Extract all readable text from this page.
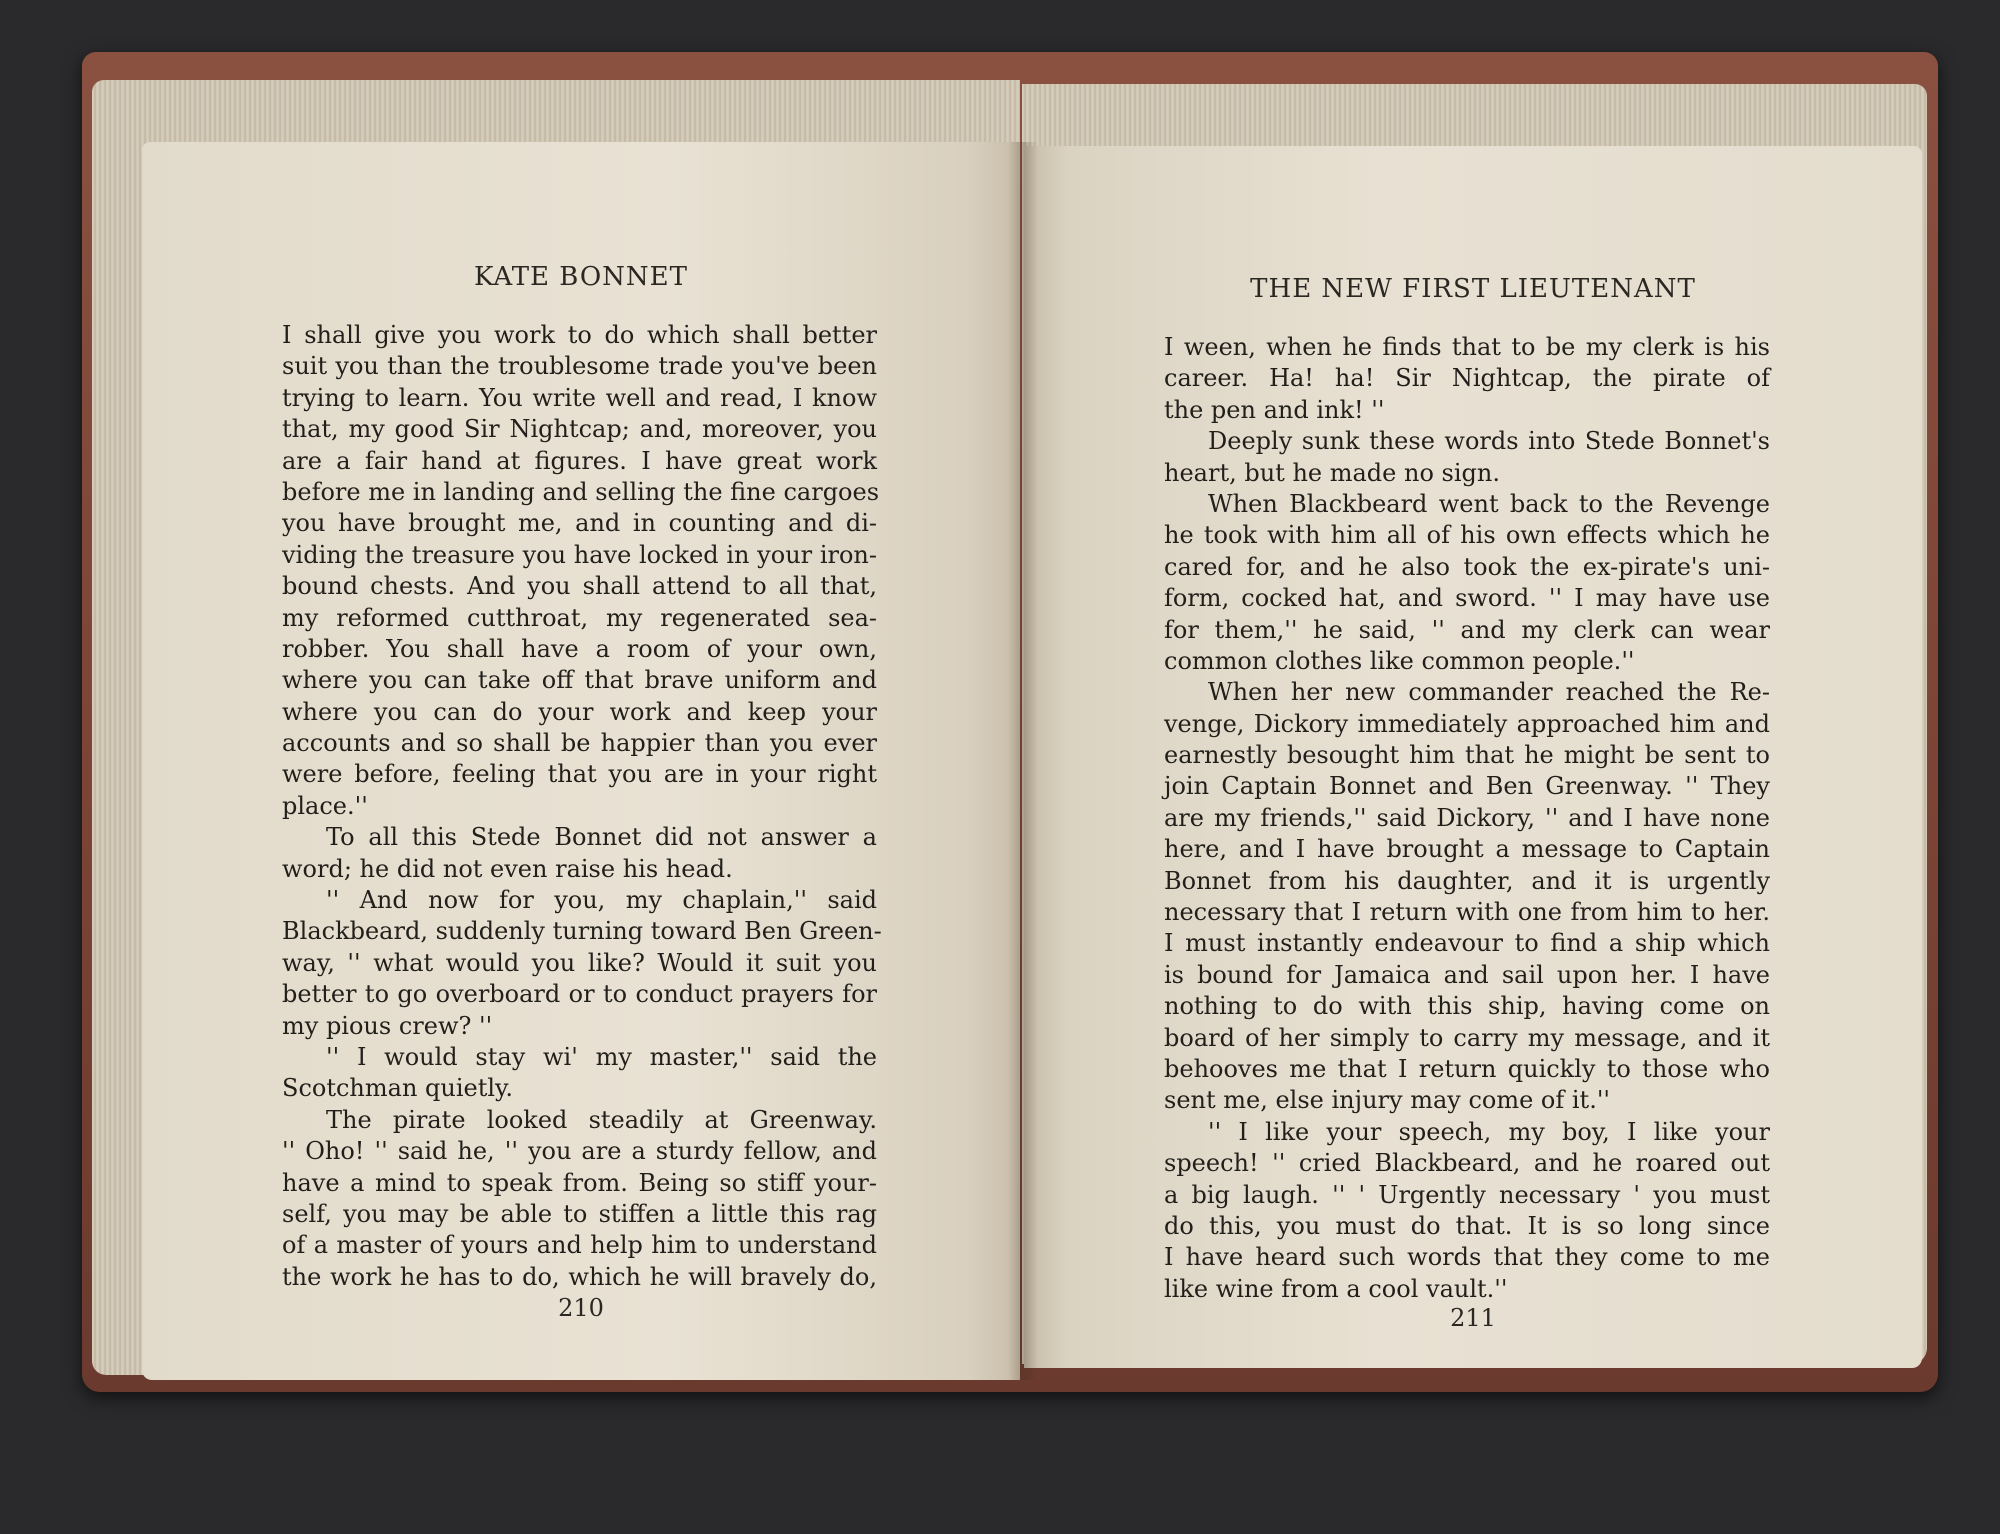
KATE BONNET
I shall give you work to do which shall better
suit you than the troublesome trade you've been
trying to learn. You write well and read, I know
that, my good Sir Nightcap; and, moreover, you
are a fair hand at figures. I have great work
before me in landing and selling the fine cargoes
you have brought me, and in counting and di-
viding the treasure you have locked in your iron-
bound chests. And you shall attend to all that,
my reformed cutthroat, my regenerated sea-
robber. You shall have a room of your own,
where you can take off that brave uniform and
where you can do your work and keep your
accounts and so shall be happier than you ever
were before, feeling that you are in your right
place.''
To all this Stede Bonnet did not answer a
word; he did not even raise his head.
'' And now for you, my chaplain,'' said
Blackbeard, suddenly turning toward Ben Green-
way, '' what would you like? Would it suit you
better to go overboard or to conduct prayers for
my pious crew? ''
'' I would stay wi' my master,'' said the
Scotchman quietly.
The pirate looked steadily at Greenway.
'' Oho! '' said he, '' you are a sturdy fellow, and
have a mind to speak from. Being so stiff your-
self, you may be able to stiffen a little this rag
of a master of yours and help him to understand
the work he has to do, which he will bravely do,
210
THE NEW FIRST LIEUTENANT
I ween, when he finds that to be my clerk is his
career. Ha! ha! Sir Nightcap, the pirate of
the pen and ink! ''
Deeply sunk these words into Stede Bonnet's
heart, but he made no sign.
When Blackbeard went back to the Revenge
he took with him all of his own effects which he
cared for, and he also took the ex-pirate's uni-
form, cocked hat, and sword. '' I may have use
for them,'' he said, '' and my clerk can wear
common clothes like common people.''
When her new commander reached the Re-
venge, Dickory immediately approached him and
earnestly besought him that he might be sent to
join Captain Bonnet and Ben Greenway. '' They
are my friends,'' said Dickory, '' and I have none
here, and I have brought a message to Captain
Bonnet from his daughter, and it is urgently
necessary that I return with one from him to her.
I must instantly endeavour to find a ship which
is bound for Jamaica and sail upon her. I have
nothing to do with this ship, having come on
board of her simply to carry my message, and it
behooves me that I return quickly to those who
sent me, else injury may come of it.''
'' I like your speech, my boy, I like your
speech! '' cried Blackbeard, and he roared out
a big laugh. '' ' Urgently necessary ' you must
do this, you must do that. It is so long since
I have heard such words that they come to me
like wine from a cool vault.''
211
